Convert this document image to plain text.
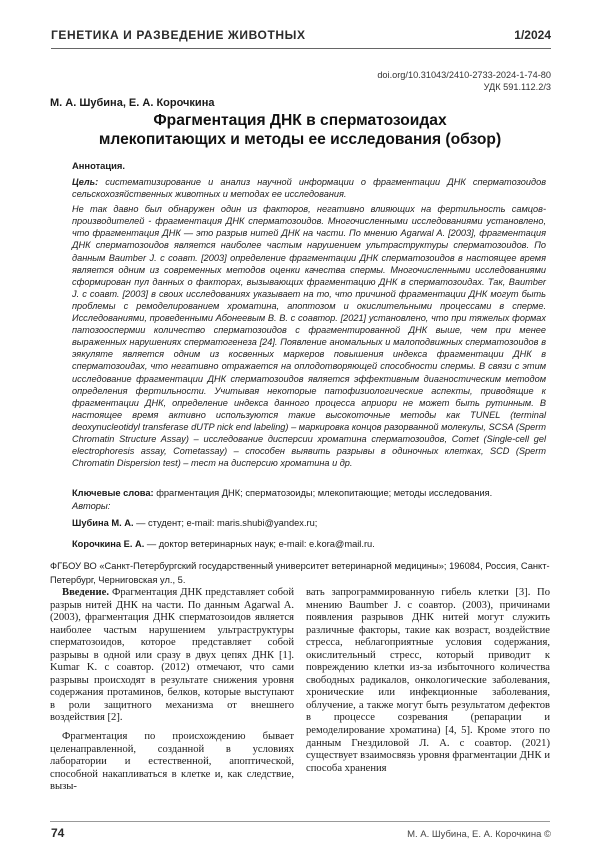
ГЕНЕТИКА И РАЗВЕДЕНИЕ ЖИВОТНЫХ	1/2024
doi.org/10.31043/2410-2733-2024-1-74-80
УДК 591.112.2/3
М. А. Шубина, Е. А. Корочкина
Фрагментация ДНК в сперматозоидах
млекопитающих и методы ее исследования (обзор)
Аннотация.

Цель: систематизирование и анализ научной информации о фрагментации ДНК сперматозоидов сельскохозяйственных животных и методах ее исследования.

Не так давно был обнаружен один из факторов, негативно влияющих на фертильность самцов-производителей - фрагментация ДНК сперматозоидов. Многочисленными исследованиями установлено, что фрагментация ДНК — это разрыв нитей ДНК на части. По мнению Agarwal A. [2003], фрагментация ДНК сперматозоидов является наиболее частым нарушением ультраструктуры сперматозоидов. По данным Baumber J. с соавт. [2003] определение фрагментации ДНК сперматозоидов в настоящее время является одним из современных методов оценки качества спермы. Многочисленными исследованиями сформирован пул данных о факторах, вызывающих фрагментацию ДНК в сперматозоидах. Так, Baumber J. с соавт. [2003] в своих исследованиях указывает на то, что причиной фрагментации ДНК могут быть проблемы с ремоделированием хроматина, апоптозом и окислительными процессами в сперме. Исследованиями, проведенными Абонеевым В. В. с соавтор. [2021] установлено, что при тяжелых формах патозооспермии количество сперматозоидов с фрагментированной ДНК выше, чем при менее выраженных нарушениях сперматогенеза [24]. Появление аномальных и малоподвижных сперматозоидов в эякуляте является одним из косвенных маркеров повышения индекса фрагментации ДНК в сперматозоидах, что негативно отражается на оплодотворяющей способности спермы. В связи с этим исследование фрагментации ДНК сперматозоидов является эффективным диагностическим методом определения фертильности. Учитывая некоторые патофизиологические аспекты, приводящие к фрагментации ДНК, определение индекса данного процесса априори не может быть рутинным. В настоящее время активно используются такие высокоточные методы как TUNEL (terminal deoxynucleotidyl transferase dUTP nick end labeling) – маркировка концов разорванной молекулы, SCSA (Sperm Chromatin Structure Assay) – исследование дисперсии хроматина сперматозоидов, Comet (Single-cell gel electrophoresis assay, Cometassay) – способен выявить разрывы в одиночных клетках, SCD (Sperm Chromatin Dispersion test) – тест на дисперсию хроматина и др.

Ключевые слова: фрагментация ДНК; сперматозоиды; млекопитающие; методы исследования.
Авторы:
Шубина М. А. — студент; e-mail: maris.shubi@yandex.ru;
Корочкина Е. А. — доктор ветеринарных наук; e-mail: e.kora@mail.ru.
ФГБОУ ВО «Санкт-Петербургский государственный университет ветеринарной медицины»; 196084, Россия, Санкт-Петербург, Черниговская ул., 5.

Введение. Фрагментация ДНК представляет собой разрыв нитей ДНК на части. По данным Agarwal A. (2003), фрагментация ДНК сперматозоидов является наиболее частым нарушением ультраструктуры сперматозоидов, которое представляет собой разрывы в одной или сразу в двух цепях ДНК [1]. Kumar K. с соавтор. (2012) отмечают, что сами разрывы происходят в результате снижения уровня содержания протаминов, белков, которые выступают в роли защитного механизма от внешнего воздействия [2].

Фрагментация по происхождению бывает целенаправленной, созданной в условиях лаборатории и естественной, апоптической, способной накапливаться в клетке и, как следствие, вызы-

вать запрограммированную гибель клетки [3]. По мнению Baumber J. с соавтор. (2003), причинами появления разрывов ДНК нитей могут служить различные факторы, такие как возраст, воздействие стресса, неблагоприятные условия содержания, окислительный стресс, который приводит к повреждению клетки из-за избыточного количества свободных радикалов, онкологические заболевания, хронические или инфекционные заболевания, облучение, а также могут быть результатом дефектов в процессе созревания (репарации и ремоделирование хроматина) [4, 5]. Кроме этого по данным Гнездиловой Л. А. с соавтор. (2021) существует взаимосвязь уровня фрагментации ДНК и способа хранения

74	М. А. Шубина, Е. А. Корочкина ©
